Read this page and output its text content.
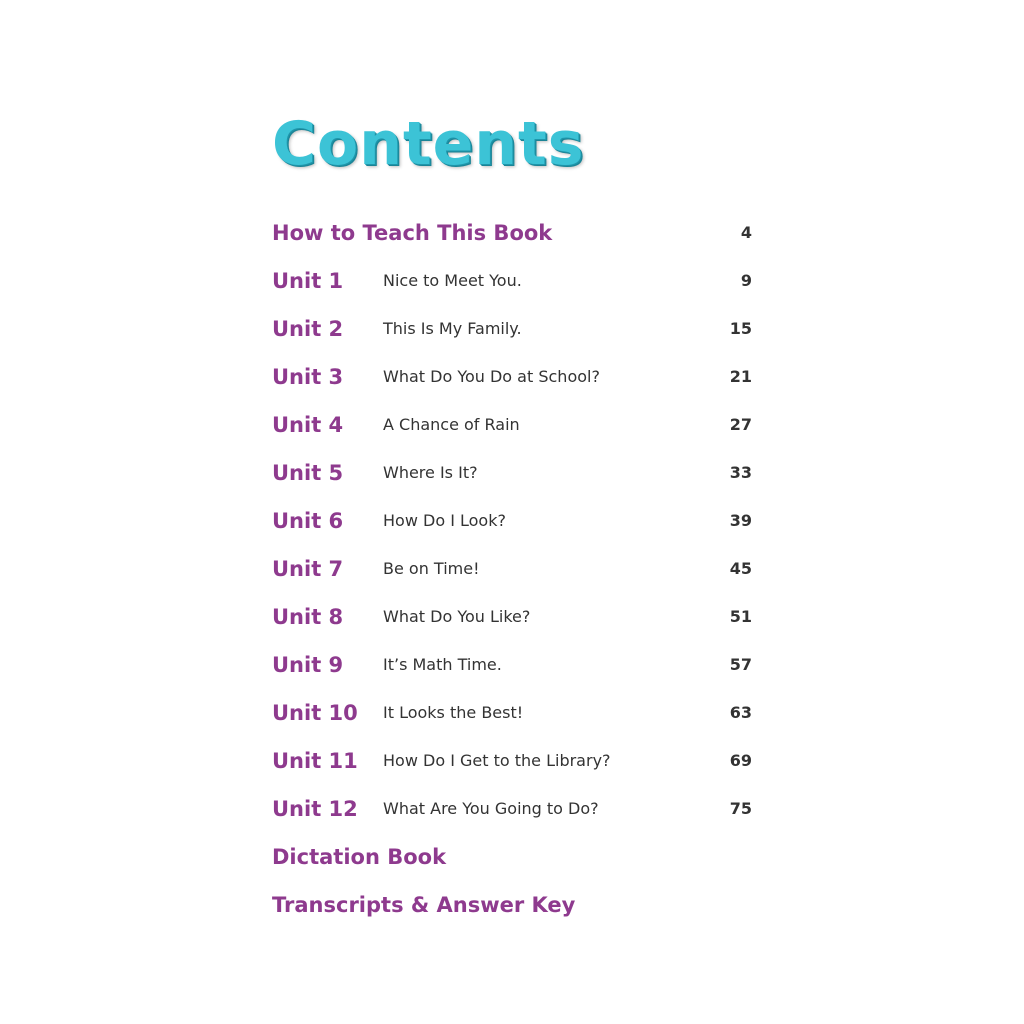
Contents
How to Teach This Book	4
Unit 1 Nice to Meet You.	9
Unit 2 This Is My Family.	15
Unit 3 What Do You Do at School?	21
Unit 4 A Chance of Rain	27
Unit 5 Where Is It?	33
Unit 6 How Do I Look?	39
Unit 7 Be on Time!	45
Unit 8 What Do You Like?	51
Unit 9 It’s Math Time.	57
Unit 10 It Looks the Best!	63
Unit 11 How Do I Get to the Library?	69
Unit 12 What Are You Going to Do?	75
Dictation Book
Transcripts & Answer Key
